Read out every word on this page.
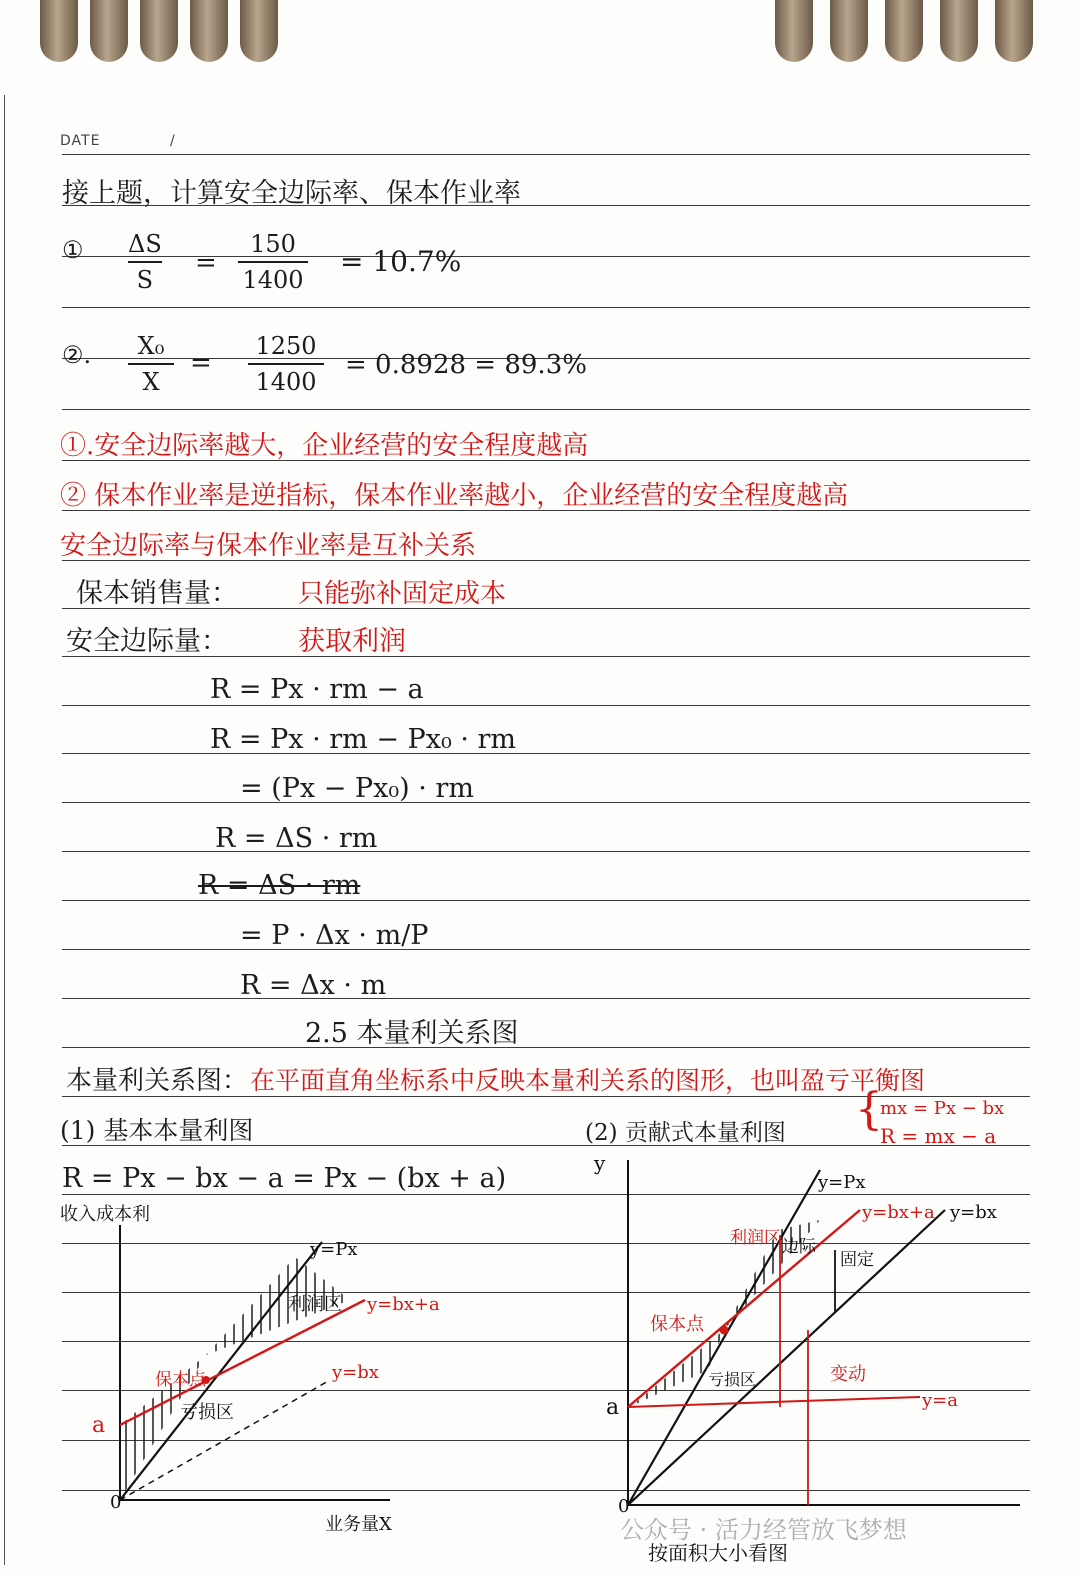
DATE	/
接上题，计算安全边际率、保本作业率
① ΔS
S
=
150
1400
= 10.7%
②. X₀
X
=
1250
1400
= 0.8928 = 89.3%
①.安全边际率越大，企业经营的安全程度越高
② 保本作业率是逆指标，保本作业率越小，企业经营的安全程度越高
安全边际率与保本作业率是互补关系
保本销售量： 只能弥补固定成本
安全边际量：	获取利润
R = Px · rm − a
R = Px · rm − Px₀ · rm
= (Px − Px₀) · rm
R = ΔS · rm
R = ΔS · rm
= P · Δx · m/P
R = Δx · m
2.5 本量利关系图
本量利关系图： 在平面直角坐标系中反映本量利关系的图形，也叫盈亏平衡图
(1) 基本本量利图
R = Px − bx − a = Px − (bx + a)
(2) 贡献式本量利图 {
mx = Px − bx
R = mx − a
0
a
y=Px
y=bx+a
y=bx
利润区
亏损区
保本点
收入成本利
业务量X
0
a
y=Px
y=bx+a y=bx
y=a
利润区 边际
固定
变动
亏损区
保本点
y
按面积大小看图
公众号 · 活力经管放飞梦想
